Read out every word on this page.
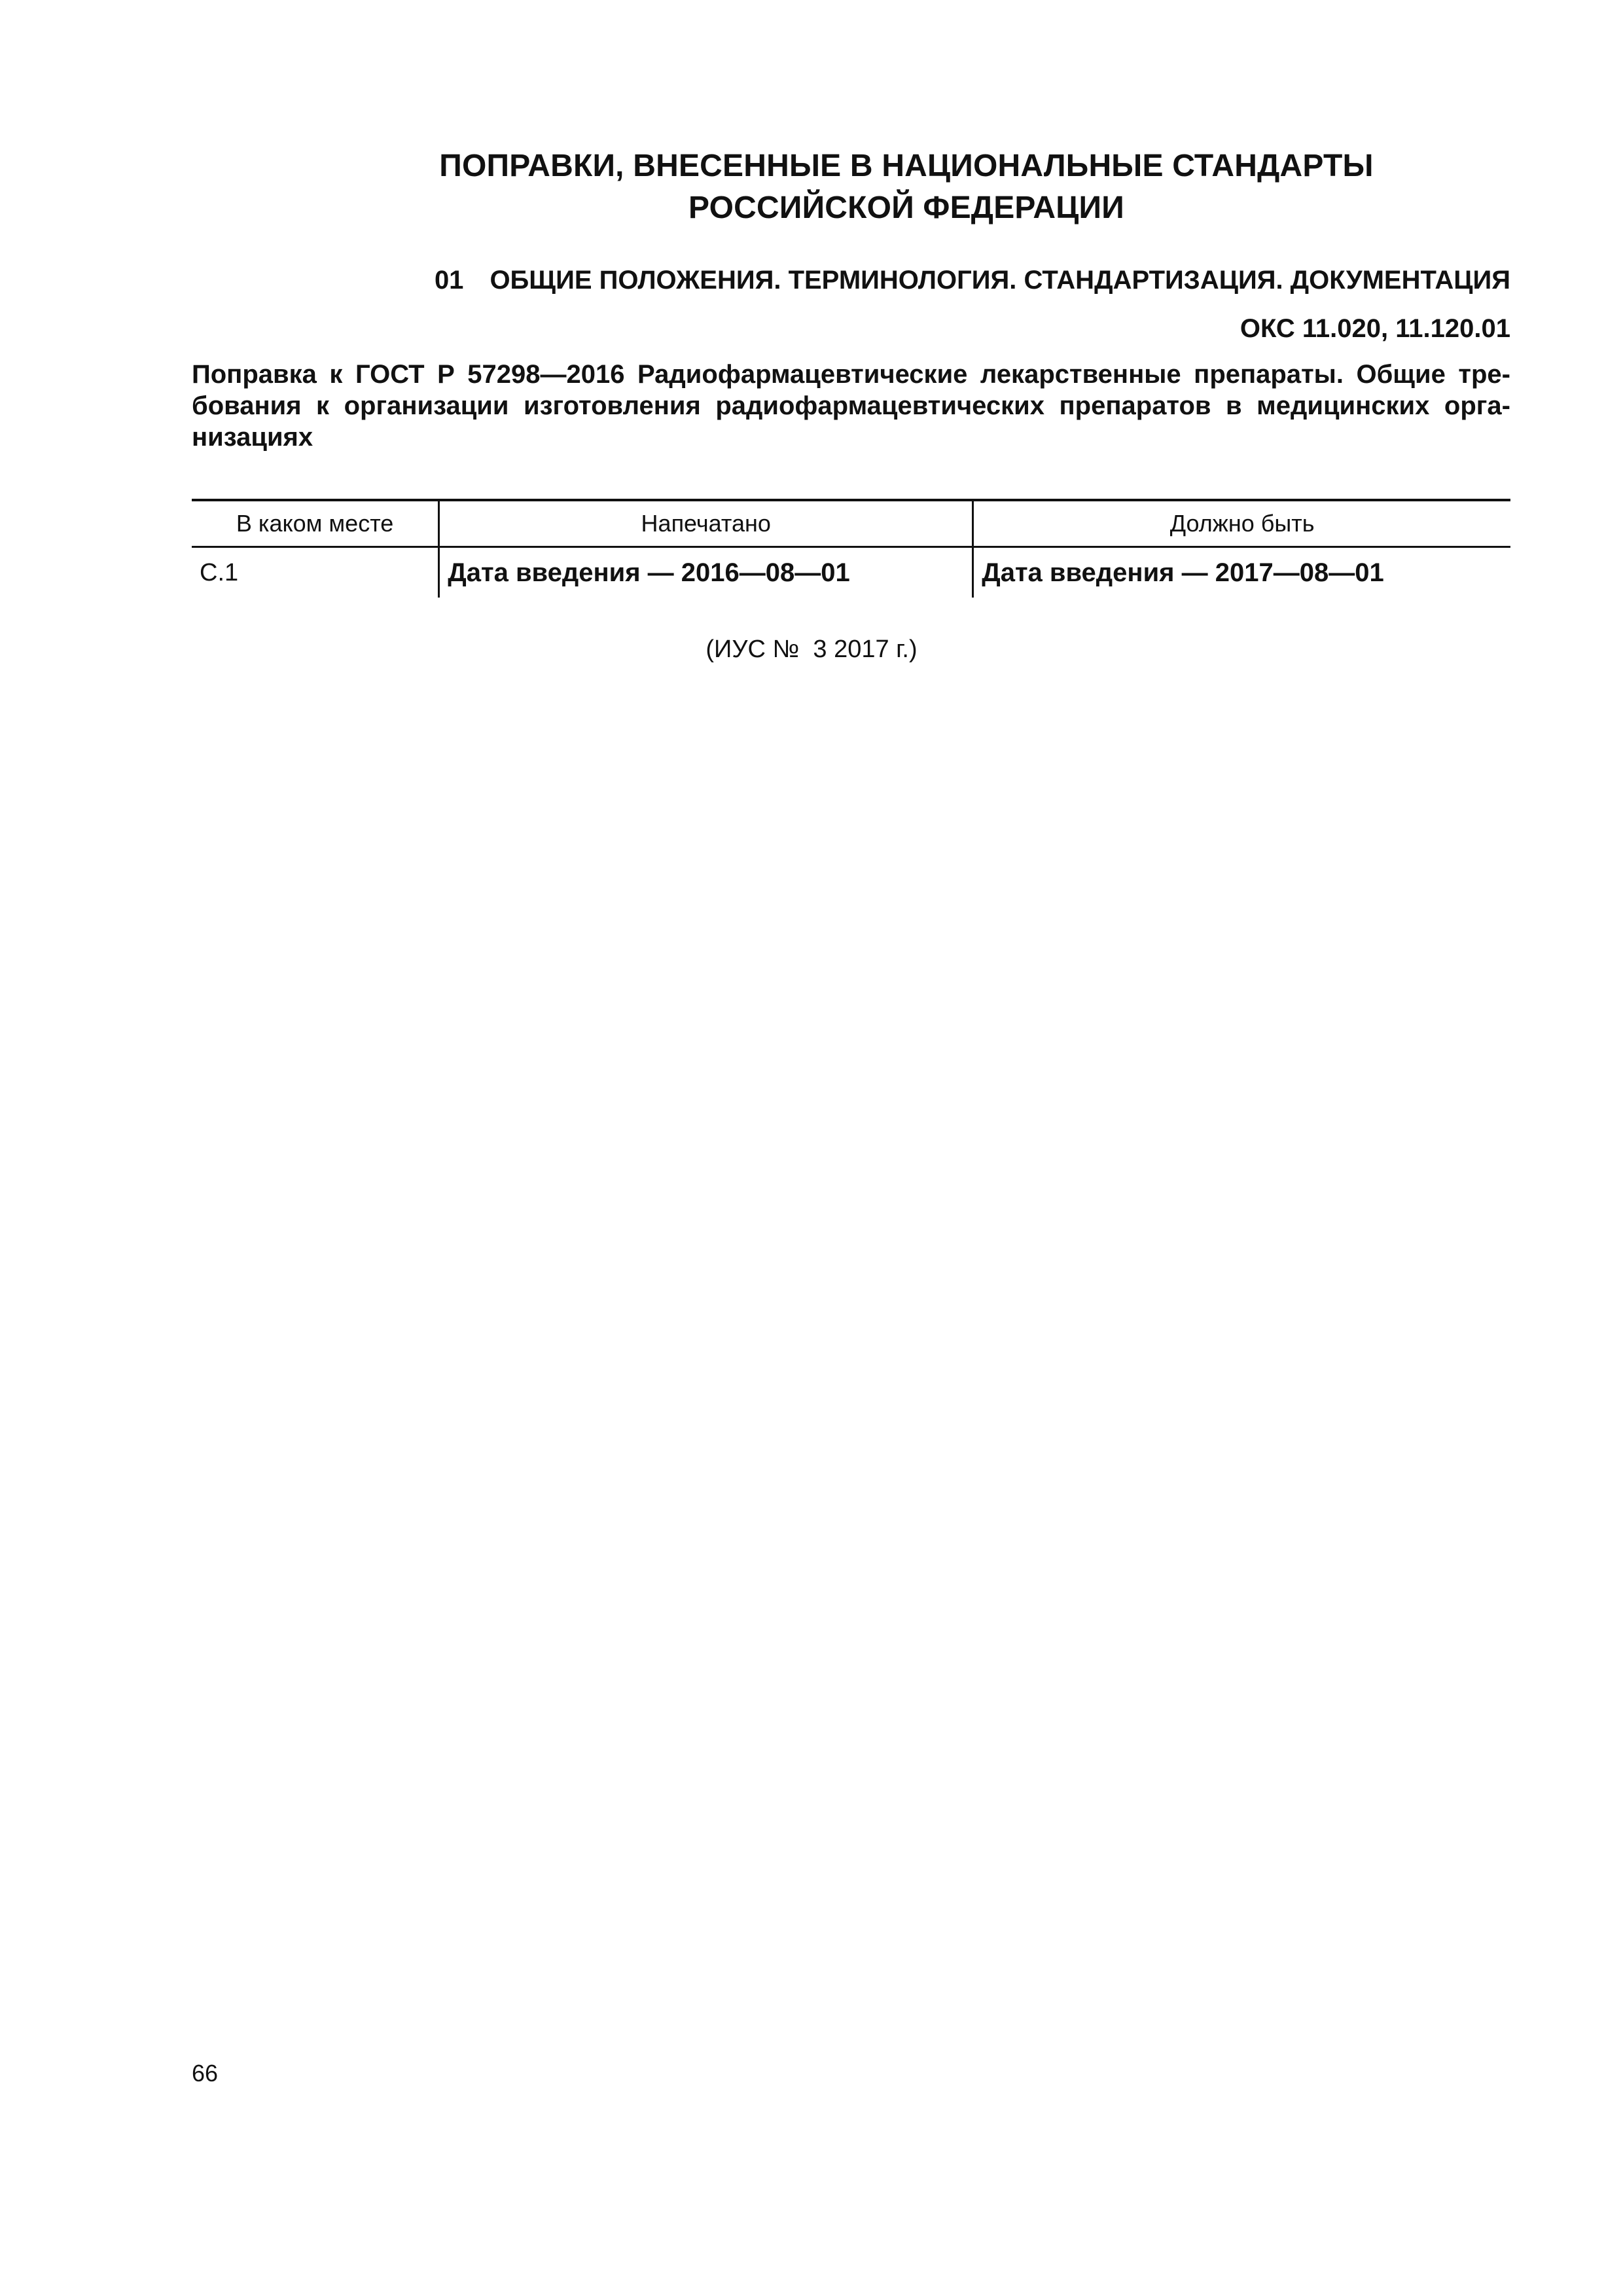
ПОПРАВКИ, ВНЕСЕННЫЕ В НАЦИОНАЛЬНЫЕ СТАНДАРТЫ
РОССИЙСКОЙ ФЕДЕРАЦИИ
01 ОБЩИЕ ПОЛОЖЕНИЯ. ТЕРМИНОЛОГИЯ. СТАНДАРТИЗАЦИЯ. ДОКУМЕНТАЦИЯ
ОКС 11.020, 11.120.01
Поправка к ГОСТ Р 57298—2016 Радиофармацевтические лекарственные препараты. Общие тре-
бования к организации изготовления радиофармацевтических препаратов в медицинских орга-
низациях
В каком месте	Напечатано	Должно быть
С.1	Дата введения — 2016—08—01	Дата введения — 2017—08—01
(ИУС №  3 2017 г.)
66
